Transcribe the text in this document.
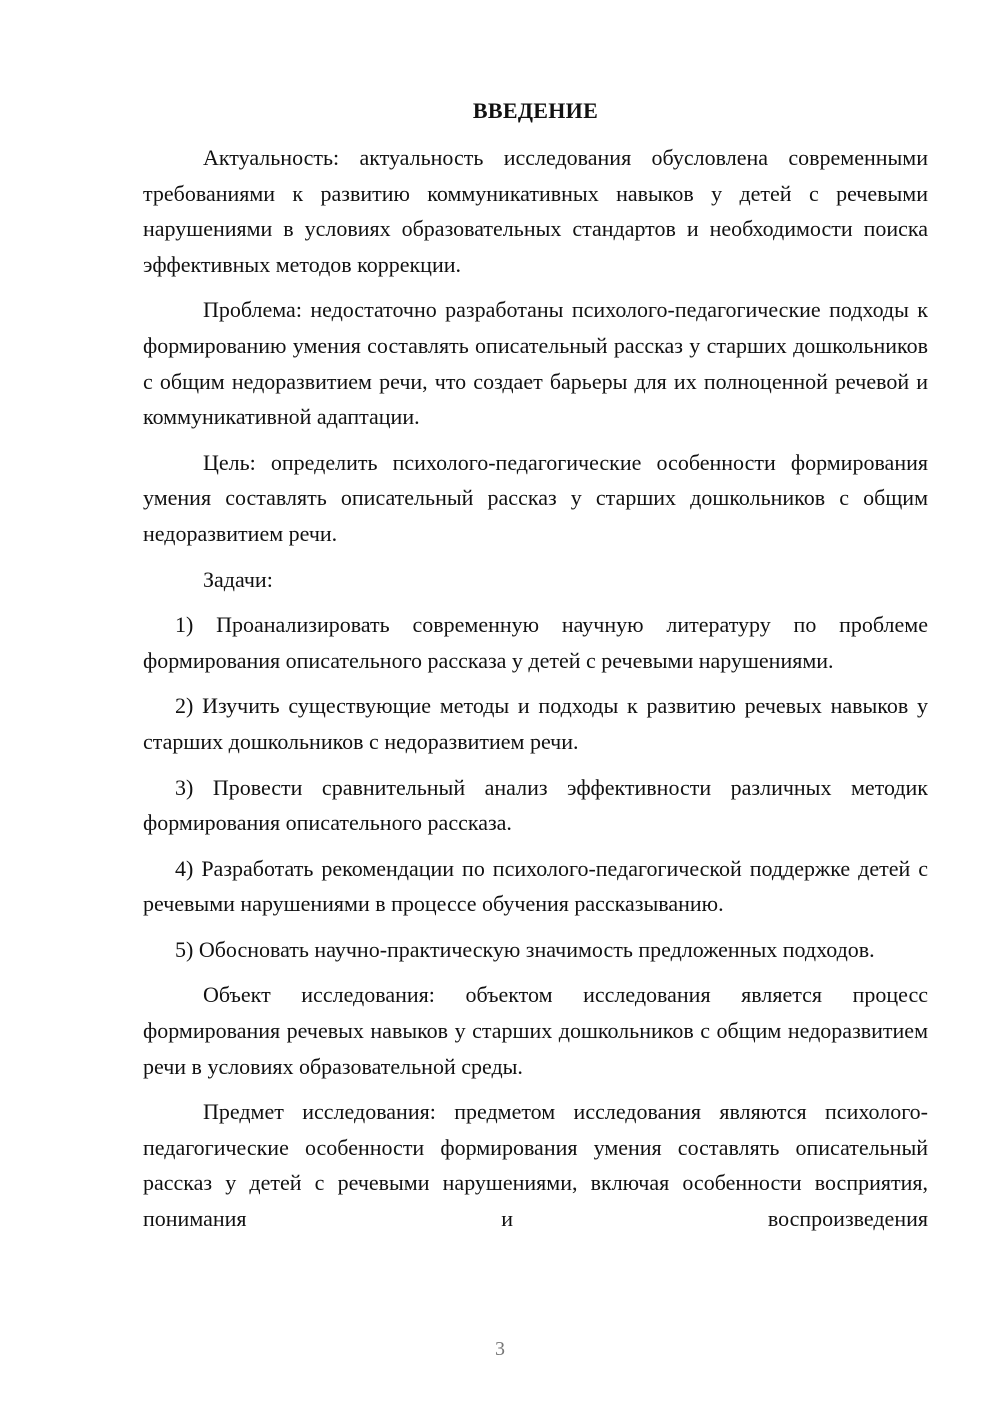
ВВЕДЕНИЕ

Актуальность: актуальность исследования обусловлена современными требованиями к развитию коммуникативных навыков у детей с речевыми нарушениями в условиях образовательных стандартов и необходимости поиска эффективных методов коррекции.

Проблема: недостаточно разработаны психолого-педагогические подходы к формированию умения составлять описательный рассказ у старших дошкольников с общим недоразвитием речи, что создает барьеры для их полноценной речевой и коммуникативной адаптации.

Цель: определить психолого-педагогические особенности формирования умения составлять описательный рассказ у старших дошкольников с общим недоразвитием речи.

Задачи:

1) Проанализировать современную научную литературу по проблеме формирования описательного рассказа у детей с речевыми нарушениями.

2) Изучить существующие методы и подходы к развитию речевых навыков у старших дошкольников с недоразвитием речи.

3) Провести сравнительный анализ эффективности различных методик формирования описательного рассказа.

4) Разработать рекомендации по психолого-педагогической поддержке детей с речевыми нарушениями в процессе обучения рассказыванию.

5) Обосновать научно-практическую значимость предложенных подходов.

Объект исследования: объектом исследования является процесс формирования речевых навыков у старших дошкольников с общим недоразвитием речи в условиях образовательной среды.

Предмет исследования: предметом исследования являются психолого-педагогические особенности формирования умения составлять описательный рассказ у детей с речевыми нарушениями, включая особенности восприятия, понимания и воспроизведения

3
